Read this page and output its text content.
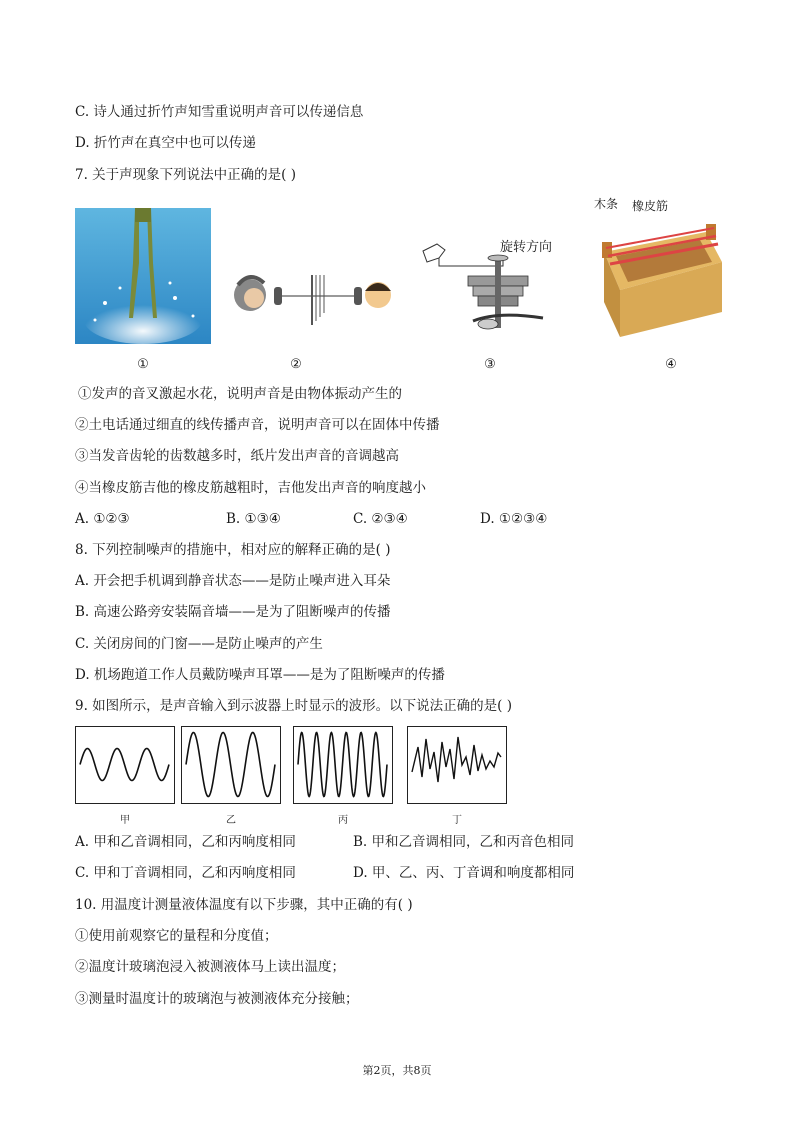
C. 诗人通过折竹声知雪重说明声音可以传递信息
D. 折竹声在真空中也可以传递
7. 关于声现象下列说法中正确的是( )
旋转方向
木条 橡皮筋
①	②	③	④
①发声的音叉激起水花，说明声音是由物体振动产生的
②土电话通过细直的线传播声音，说明声音可以在固体中传播
③当发音齿轮的齿数越多时，纸片发出声音的音调越高
④当橡皮筋吉他的橡皮筋越粗时，吉他发出声音的响度越小
A. ①②③	B. ①③④	C. ②③④	D. ①②③④
8. 下列控制噪声的措施中，相对应的解释正确的是( )
A. 开会把手机调到静音状态——是防止噪声进入耳朵
B. 高速公路旁安装隔音墙——是为了阻断噪声的传播
C. 关闭房间的门窗——是防止噪声的产生
D. 机场跑道工作人员戴防噪声耳罩——是为了阻断噪声的传播
9. 如图所示，是声音输入到示波器上时显示的波形。以下说法正确的是( )
甲	乙	丙	丁
A. 甲和乙音调相同，乙和丙响度相同	B. 甲和乙音调相同，乙和丙音色相同
C. 甲和丁音调相同，乙和丙响度相同	D. 甲、乙、丙、丁音调和响度都相同
10. 用温度计测量液体温度有以下步骤，其中正确的有( )
①使用前观察它的量程和分度值；
②温度计玻璃泡浸入被测液体马上读出温度；
③测量时温度计的玻璃泡与被测液体充分接触；
第2页，共8页
